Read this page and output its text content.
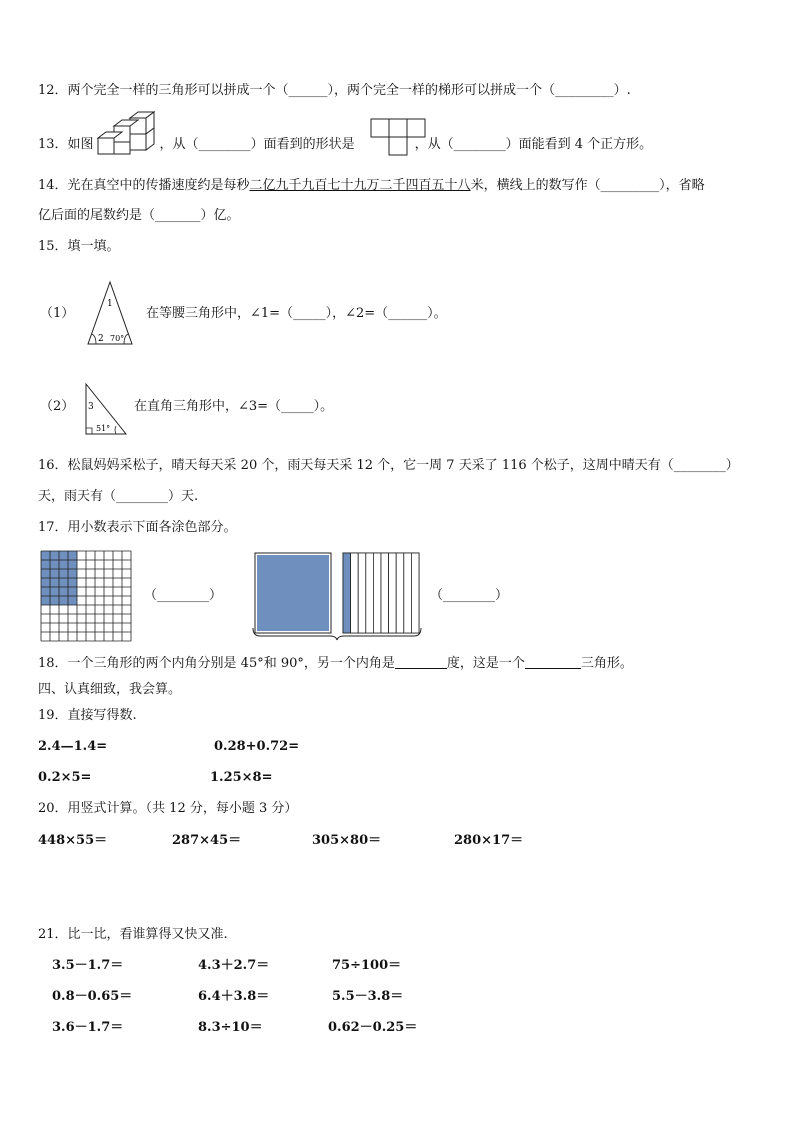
12．两个完全一样的三角形可以拼成一个（______），两个完全一样的梯形可以拼成一个（_________）.
13．如图	，从（________）面看到的形状是	，从（________）面能看到 4 个正方形。
14．光在真空中的传播速度约是每秒二亿九千九百七十九万二千四百五十八米，横线上的数写作（_________），省略
亿后面的尾数约是（_______）亿。
15．填一填。
（1）
1
2 70°
在等腰三角形中，∠1=（_____），∠2=（______）。
（2） 3
51°
在直角三角形中，∠3=（_____）。
16．松鼠妈妈采松子，晴天每天采 20 个，雨天每天采 12 个，它一周 7 天采了 116 个松子，这周中晴天有（________）
天，雨天有（________）天.
17．用小数表示下面各涂色部分。
（________）	（________）
18．一个三角形的两个内角分别是 45°和 90°，另一个内角是	度，这是一个	三角形。
四、认真细致，我会算。
19．直接写得数.
2.4—1.4=	0.28+0.72=
0.2×5=	1.25×8=
20．用竖式计算。（共 12 分，每小题 3 分）
448×55＝	287×45＝	305×80＝	280×17＝
21．比一比，看谁算得又快又准.
3.5－1.7＝	4.3＋2.7＝	75÷100＝
0.8－0.65＝	6.4＋3.8＝	5.5－3.8＝
3.6－1.7＝	8.3÷10＝	0.62－0.25＝
